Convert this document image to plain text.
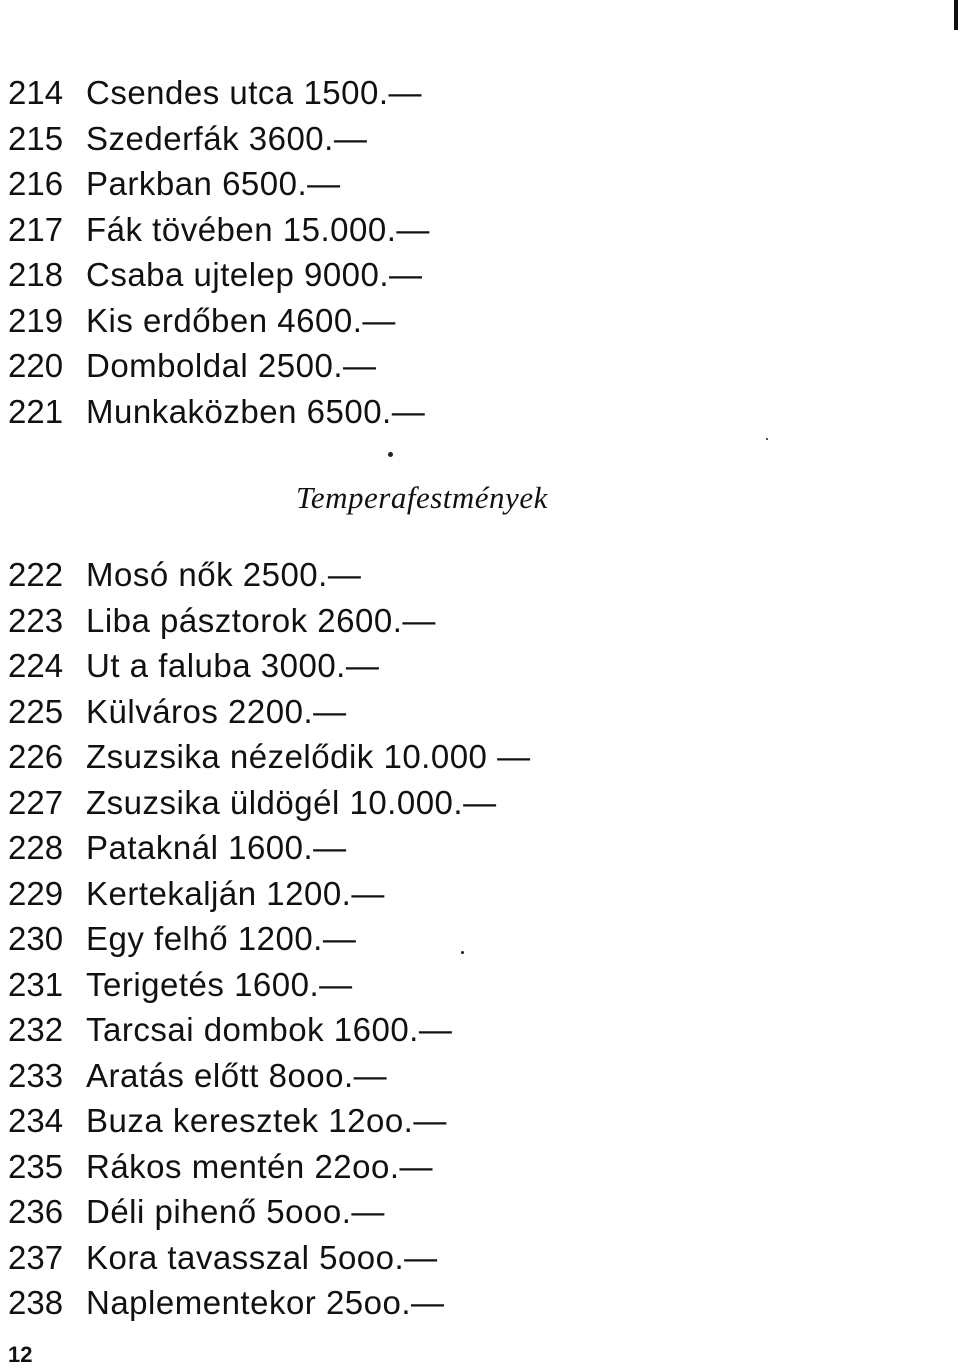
214 Csendes utca 1500.—
215 Szederfák 3600.—
216 Parkban 6500.—
217 Fák tövében 15.000.—
218 Csaba ujtelep 9000.—
219 Kis erdőben 4600.—
220 Domboldal 2500.—
221 Munkaközben 6500.—
Temperafestmények
222 Mosó nők 2500.—
223 Liba pásztorok 2600.—
224 Ut a faluba 3000.—
225 Külváros 2200.—
226 Zsuzsika nézelődik 10.000 —
227 Zsuzsika üldögél 10.000.—
228 Pataknál 1600.—
229 Kertekalján 1200.—
230 Egy felhő 1200.—
231 Terigetés 1600.—
232 Tarcsai dombok 1600.—
233 Aratás előtt 8ooo.—
234 Buza keresztek 12oo.—
235 Rákos mentén 22oo.—
236 Déli pihenő 5ooo.—
237 Kora tavasszal 5ooo.—
238 Naplementekor 25oo.—
12
